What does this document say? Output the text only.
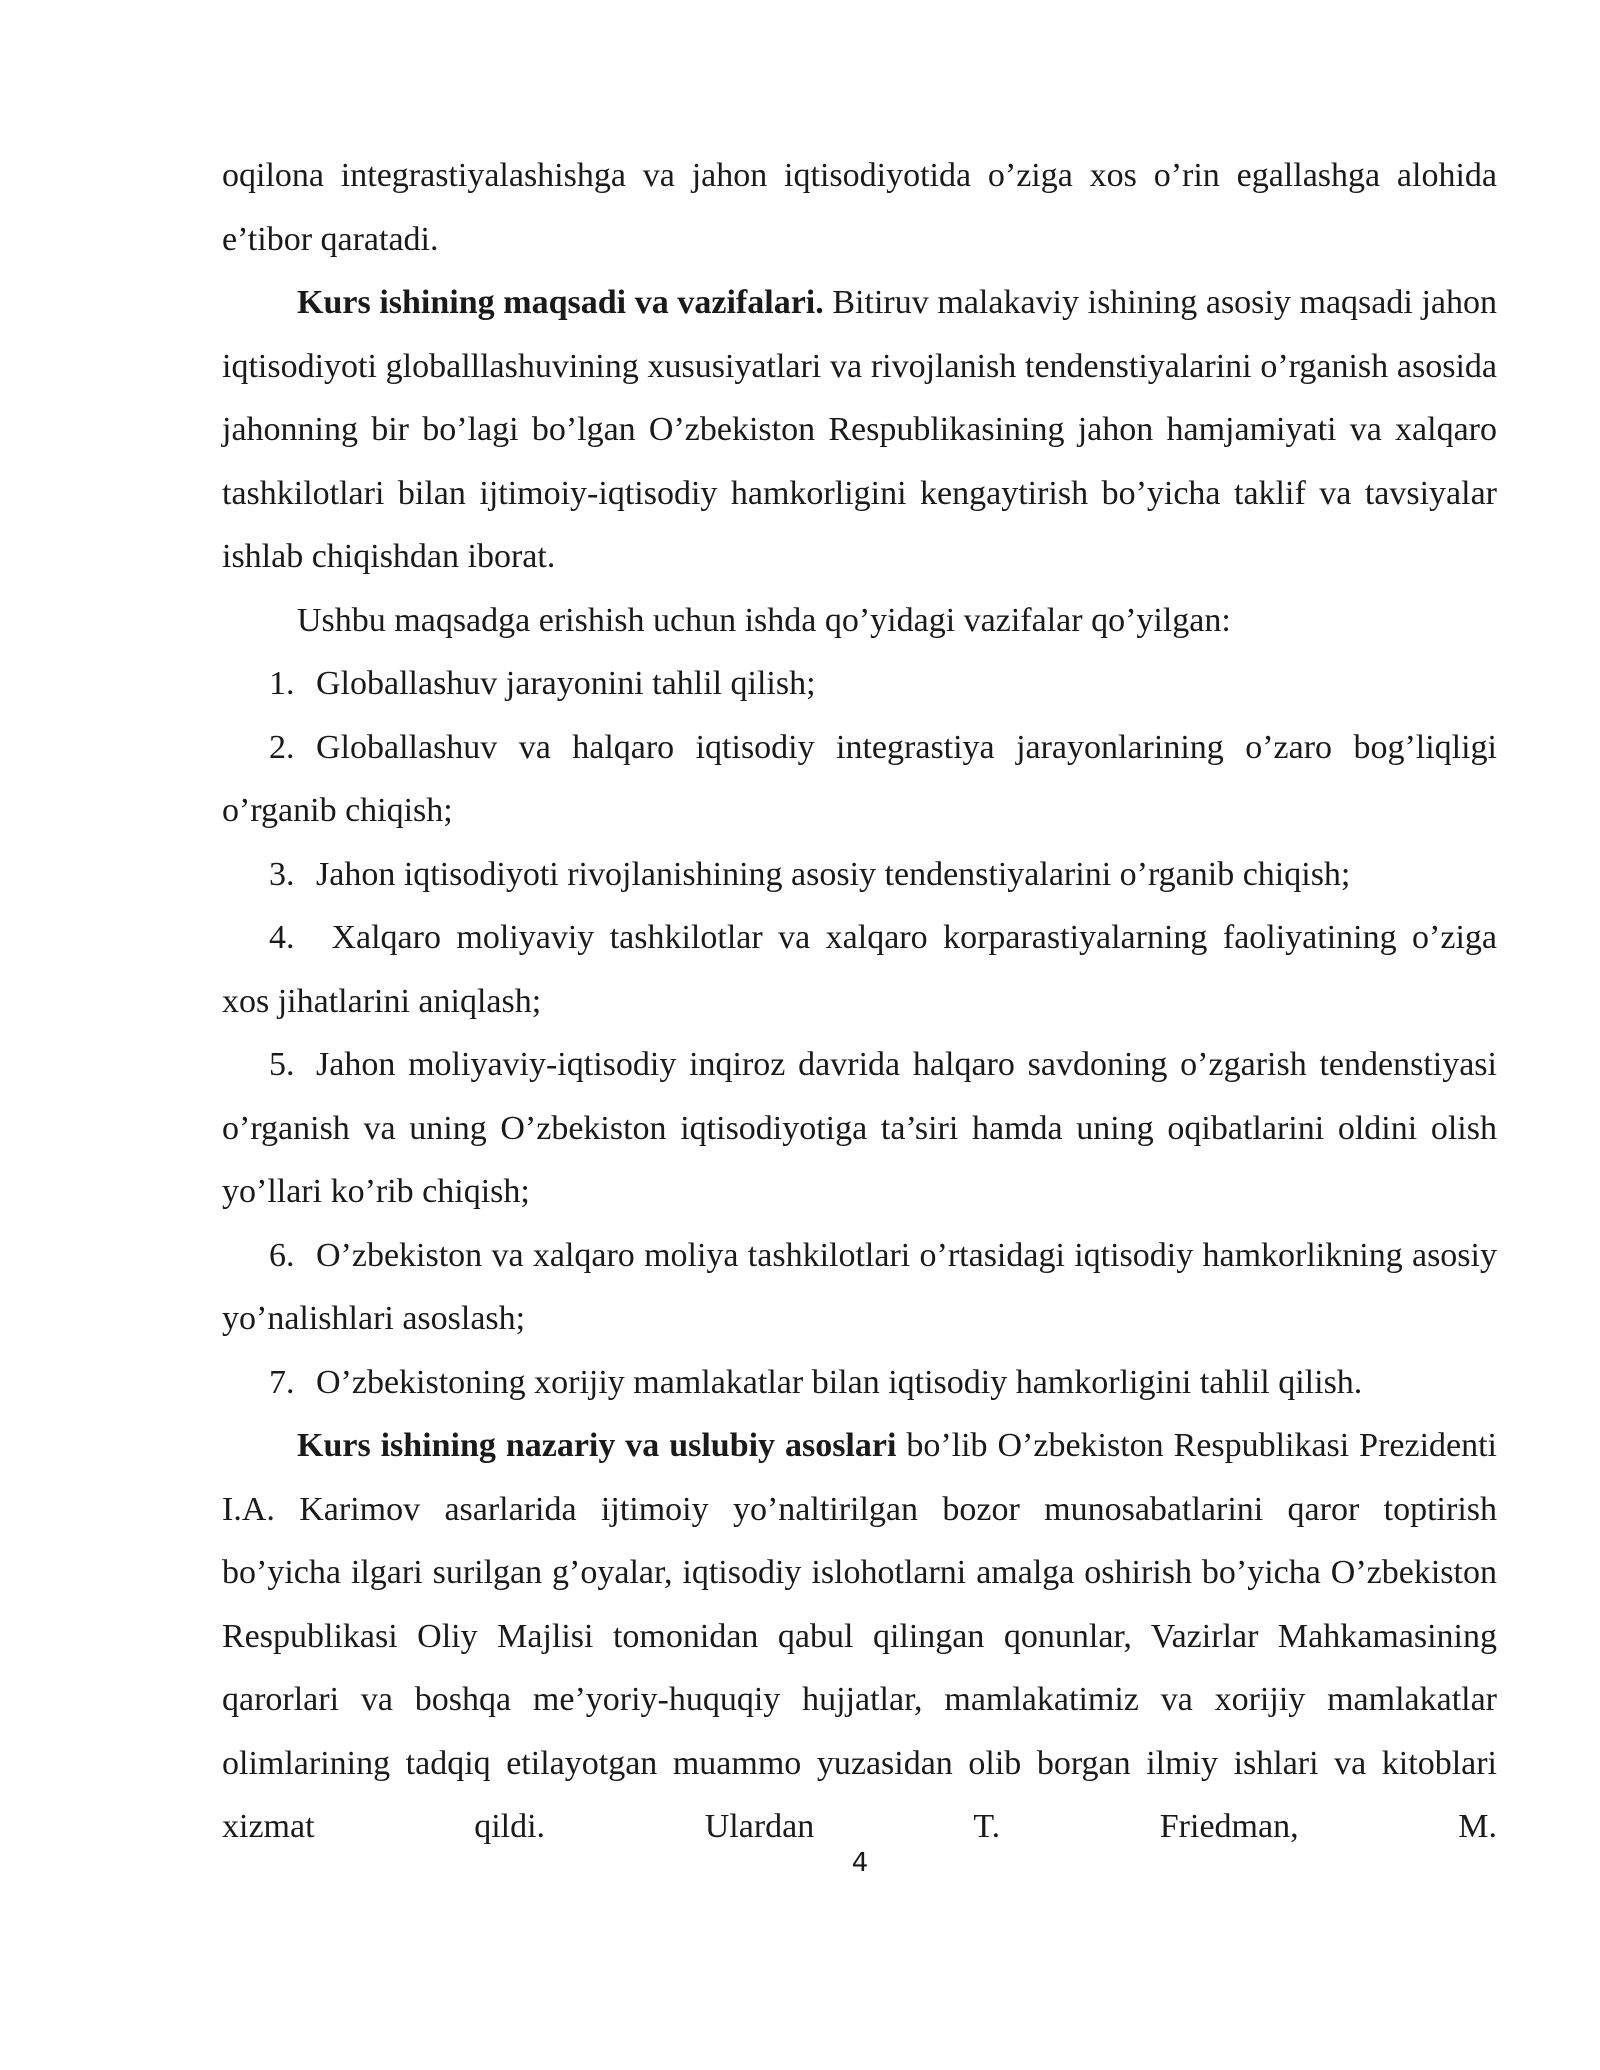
oqilona integrastiyalashishga va jahon iqtisodiyotida o’ziga xos o’rin egallashga alohida e’tibor qaratadi.

Kurs ishining maqsadi va vazifalari. Bitiruv malakaviy ishining asosiy maqsadi jahon iqtisodiyoti globalllashuvining xususiyatlari va rivojlanish tendenstiyalarini o’rganish asosida jahonning bir bo’lagi bo’lgan O’zbekiston Respublikasining jahon hamjamiyati va xalqaro tashkilotlari bilan ijtimoiy-iqtisodiy hamkorligini kengaytirish bo’yicha taklif va tavsiyalar ishlab chiqishdan iborat.

Ushbu maqsadga erishish uchun ishda qo’yidagi vazifalar qo’yilgan:

1. Globallashuv jarayonini tahlil qilish;

2. Globallashuv va halqaro iqtisodiy integrastiya jarayonlarining o’zaro bog’liqligi o’rganib chiqish;

3. Jahon iqtisodiyoti rivojlanishining asosiy tendenstiyalarini o’rganib chiqish;

4. Xalqaro moliyaviy tashkilotlar va xalqaro korparastiyalarning faoliyatining o’ziga xos jihatlarini aniqlash;

5. Jahon moliyaviy-iqtisodiy inqiroz davrida halqaro savdoning o’zgarish tendenstiyasi o’rganish va uning O’zbekiston iqtisodiyotiga ta’siri hamda uning oqibatlarini oldini olish yo’llari ko’rib chiqish;

6. O’zbekiston va xalqaro moliya tashkilotlari o’rtasidagi iqtisodiy hamkorlikning asosiy yo’nalishlari asoslash;

7. O’zbekistoning xorijiy mamlakatlar bilan iqtisodiy hamkorligini tahlil qilish.

Kurs ishining nazariy va uslubiy asoslari bo’lib O’zbekiston Respublikasi Prezidenti I.A. Karimov asarlarida ijtimoiy yo’naltirilgan bozor munosabatlarini qaror toptirish bo’yicha ilgari surilgan g’oyalar, iqtisodiy islohotlarni amalga oshirish bo’yicha O’zbekiston Respublikasi Oliy Majlisi tomonidan qabul qilingan qonunlar, Vazirlar Mahkamasining qarorlari va boshqa me’yoriy-huquqiy hujjatlar, mamlakatimiz va xorijiy mamlakatlar olimlarining tadqiq etilayotgan muammo yuzasidan olib borgan ilmiy ishlari va kitoblari xizmat qildi. Ulardan T. Friedman, M.

4
